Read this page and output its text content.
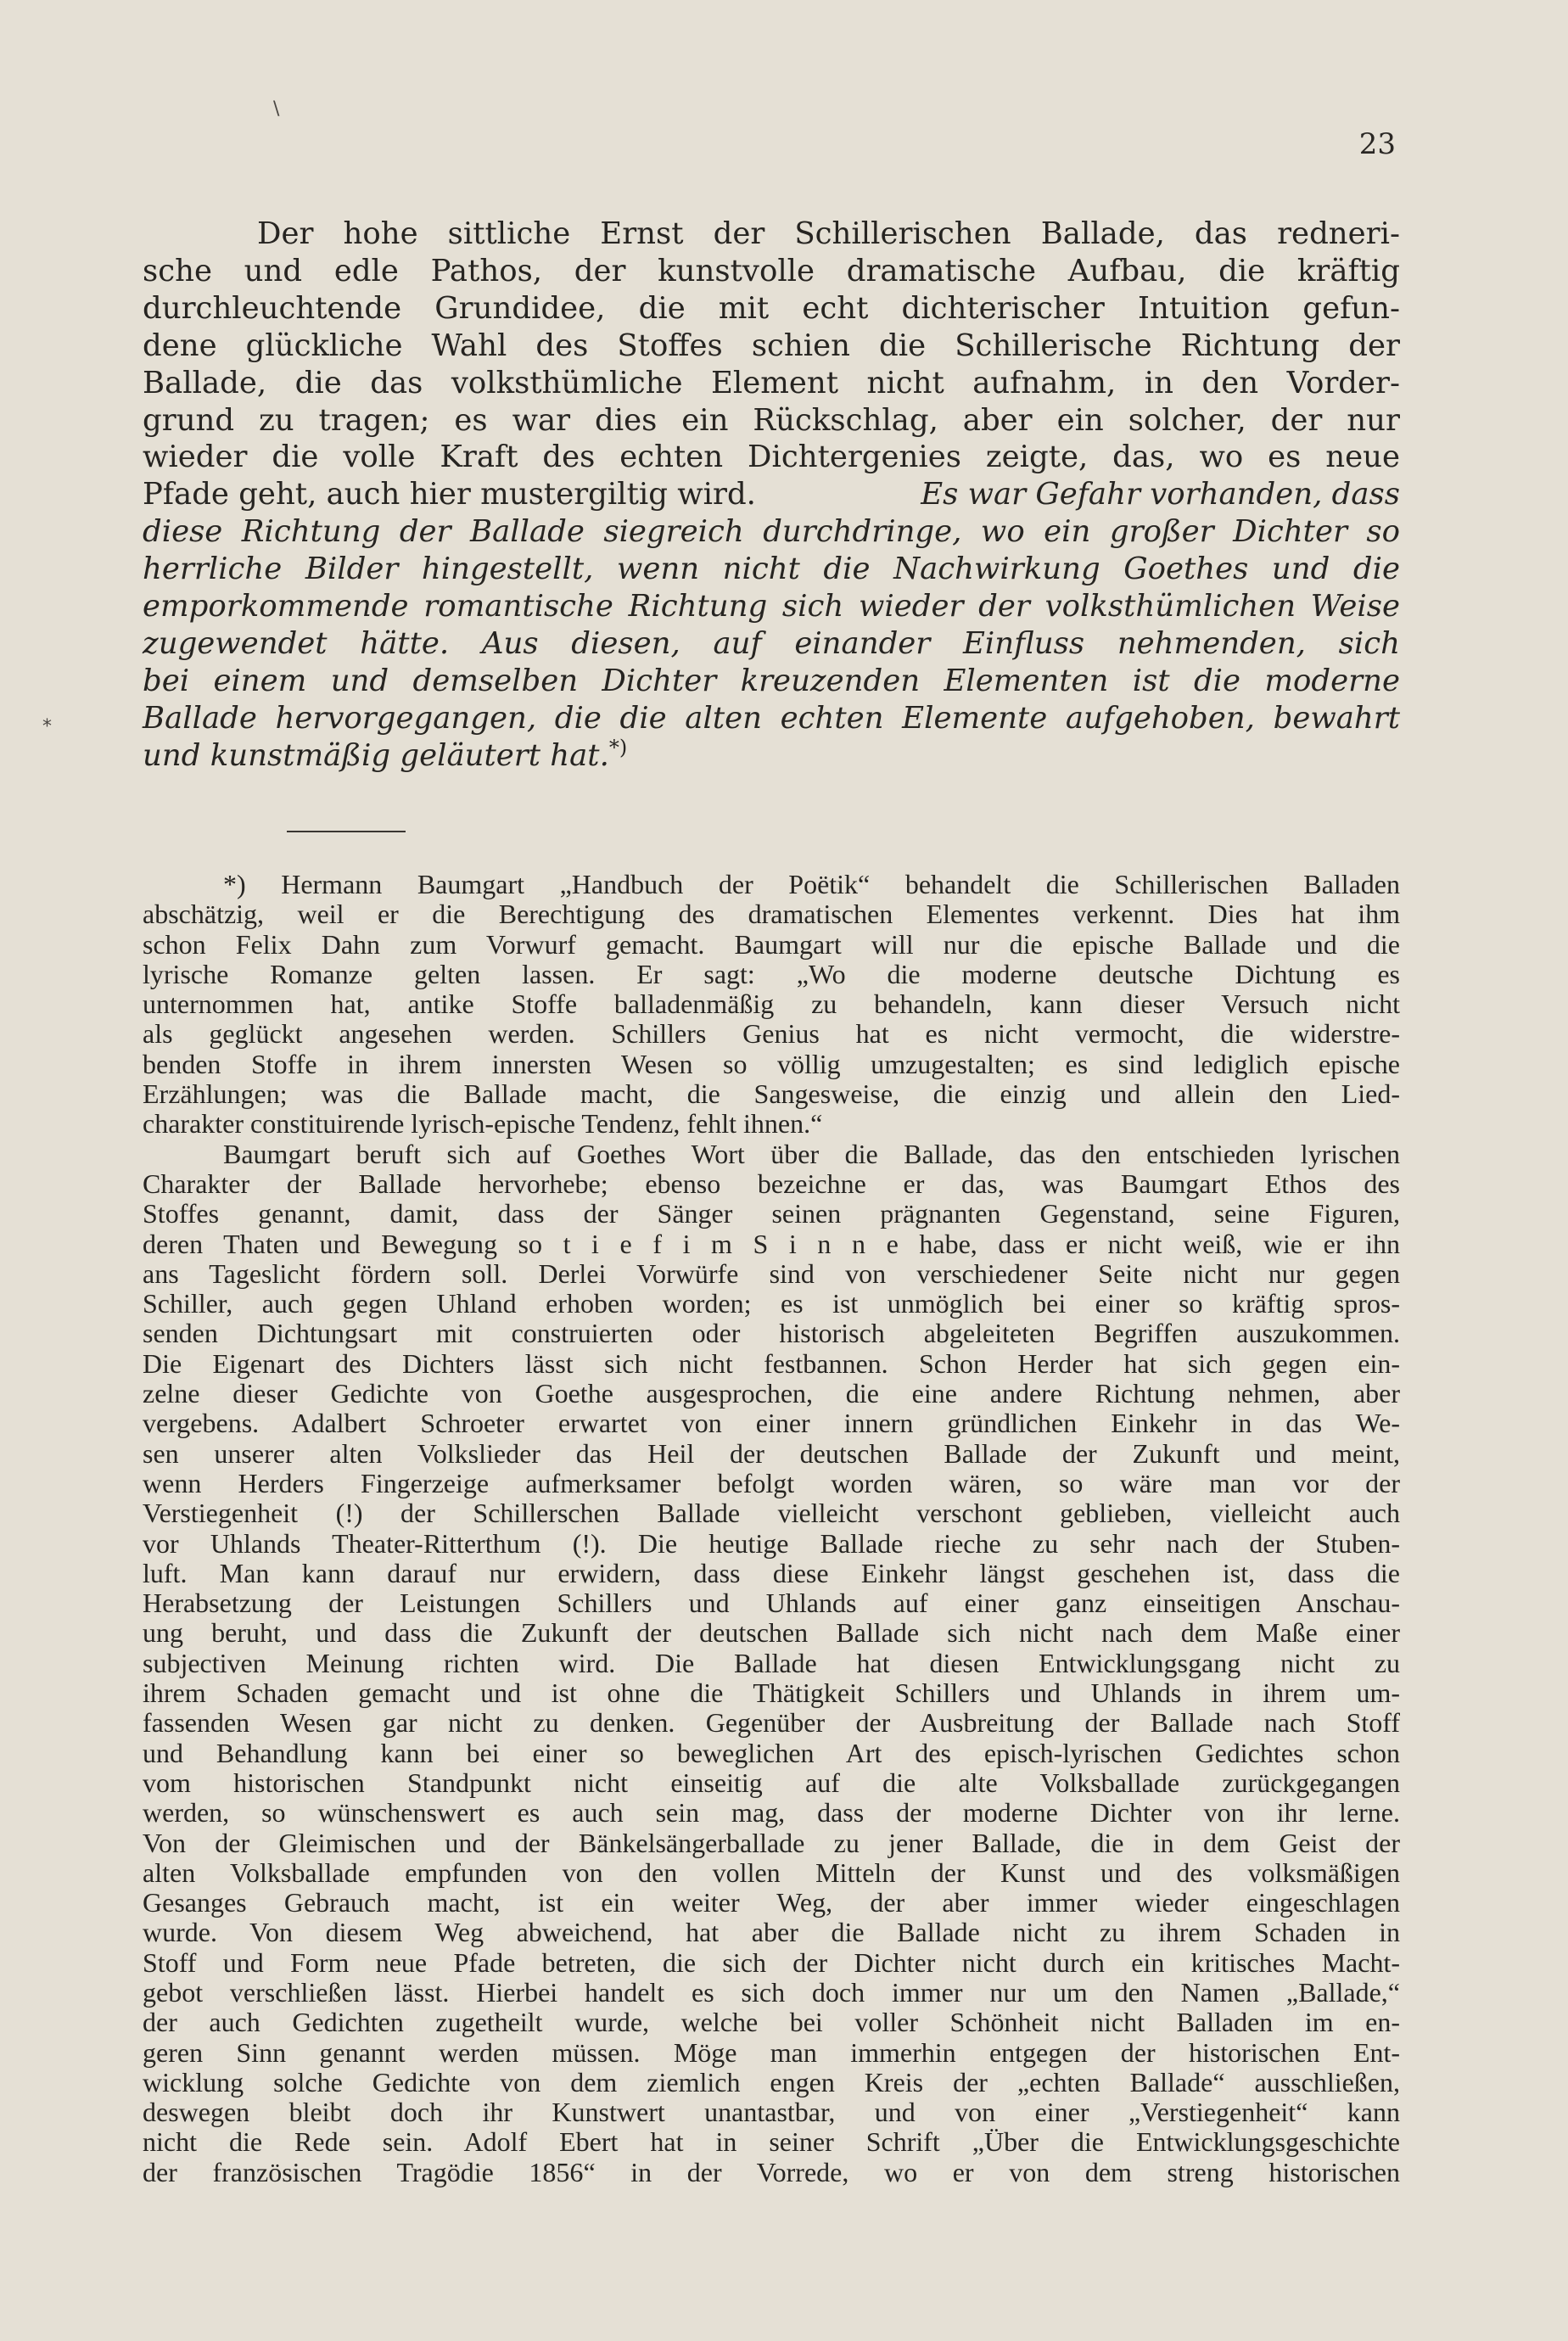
23
Der hohe sittliche Ernst der Schillerischen Ballade, das redneri-
sche und edle Pathos, der kunstvolle dramatische Aufbau, die kräftig
durchleuchtende Grundidee, die mit echt dichterischer Intuition gefun-
dene glückliche Wahl des Stoffes schien die Schillerische Richtung der
Ballade, die das volksthümliche Element nicht aufnahm, in den Vorder-
grund zu tragen; es war dies ein Rückschlag, aber ein solcher, der nur
wieder die volle Kraft des echten Dichtergenies zeigte, das, wo es neue
Pfade geht, auch hier mustergiltig wird.	Es war Gefahr vorhanden, dass
diese Richtung der Ballade siegreich durchdringe, wo ein großer Dichter so
herrliche Bilder hingestellt, wenn nicht die Nachwirkung Goethes und die
emporkommende romantische Richtung sich wieder der volksthümlichen Weise
zugewendet hätte. Aus diesen, auf einander Einfluss nehmenden, sich
bei einem und demselben Dichter kreuzenden Elementen ist die moderne
Ballade hervorgegangen, die die alten echten Elemente aufgehoben, bewahrt
und kunstmäßig geläutert hat.*)
*) Hermann Baumgart „Handbuch der Poëtik“ behandelt die Schillerischen Balladen
abschätzig, weil er die Berechtigung des dramatischen Elementes verkennt. Dies hat ihm
schon Felix Dahn zum Vorwurf gemacht. Baumgart will nur die epische Ballade und die
lyrische Romanze gelten lassen. Er sagt: „Wo die moderne deutsche Dichtung es
unternommen hat, antike Stoffe balladenmäßig zu behandeln, kann dieser Versuch nicht
als geglückt angesehen werden. Schillers Genius hat es nicht vermocht, die widerstre-
benden Stoffe in ihrem innersten Wesen so völlig umzugestalten; es sind lediglich epische
Erzählungen; was die Ballade macht, die Sangesweise, die einzig und allein den Lied-
charakter constituirende lyrisch-epische Tendenz, fehlt ihnen.“
Baumgart beruft sich auf Goethes Wort über die Ballade, das den entschieden lyrischen
Charakter der Ballade hervorhebe; ebenso bezeichne er das, was Baumgart Ethos des
Stoffes genannt, damit, dass der Sänger seinen prägnanten Gegenstand, seine Figuren,
deren Thaten und Bewegung so t i e f i m S i n n e habe, dass er nicht weiß, wie er ihn
ans Tageslicht fördern soll. Derlei Vorwürfe sind von verschiedener Seite nicht nur gegen
Schiller, auch gegen Uhland erhoben worden; es ist unmöglich bei einer so kräftig spros-
senden Dichtungsart mit construierten oder historisch abgeleiteten Begriffen auszukommen.
Die Eigenart des Dichters lässt sich nicht festbannen. Schon Herder hat sich gegen ein-
zelne dieser Gedichte von Goethe ausgesprochen, die eine andere Richtung nehmen, aber
vergebens. Adalbert Schroeter erwartet von einer innern gründlichen Einkehr in das We-
sen unserer alten Volkslieder das Heil der deutschen Ballade der Zukunft und meint,
wenn Herders Fingerzeige aufmerksamer befolgt worden wären, so wäre man vor der
Verstiegenheit (!) der Schillerschen Ballade vielleicht verschont geblieben, vielleicht auch
vor Uhlands Theater-Ritterthum (!). Die heutige Ballade rieche zu sehr nach der Stuben-
luft. Man kann darauf nur erwidern, dass diese Einkehr längst geschehen ist, dass die
Herabsetzung der Leistungen Schillers und Uhlands auf einer ganz einseitigen Anschau-
ung beruht, und dass die Zukunft der deutschen Ballade sich nicht nach dem Maße einer
subjectiven Meinung richten wird. Die Ballade hat diesen Entwicklungsgang nicht zu
ihrem Schaden gemacht und ist ohne die Thätigkeit Schillers und Uhlands in ihrem um-
fassenden Wesen gar nicht zu denken. Gegenüber der Ausbreitung der Ballade nach Stoff
und Behandlung kann bei einer so beweglichen Art des episch-lyrischen Gedichtes schon
vom historischen Standpunkt nicht einseitig auf die alte Volksballade zurückgegangen
werden, so wünschenswert es auch sein mag, dass der moderne Dichter von ihr lerne.
Von der Gleimischen und der Bänkelsängerballade zu jener Ballade, die in dem Geist der
alten Volksballade empfunden von den vollen Mitteln der Kunst und des volksmäßigen
Gesanges Gebrauch macht, ist ein weiter Weg, der aber immer wieder eingeschlagen
wurde. Von diesem Weg abweichend, hat aber die Ballade nicht zu ihrem Schaden in
Stoff und Form neue Pfade betreten, die sich der Dichter nicht durch ein kritisches Macht-
gebot verschließen lässt. Hierbei handelt es sich doch immer nur um den Namen „Ballade,“
der auch Gedichten zugetheilt wurde, welche bei voller Schönheit nicht Balladen im en-
geren Sinn genannt werden müssen. Möge man immerhin entgegen der historischen Ent-
wicklung solche Gedichte von dem ziemlich engen Kreis der „echten Ballade“ ausschließen,
deswegen bleibt doch ihr Kunstwert unantastbar, und von einer „Verstiegenheit“ kann
nicht die Rede sein. Adolf Ebert hat in seiner Schrift „Über die Entwicklungsgeschichte
der französischen Tragödie 1856“ in der Vorrede, wo er von dem streng historischen
\
*
